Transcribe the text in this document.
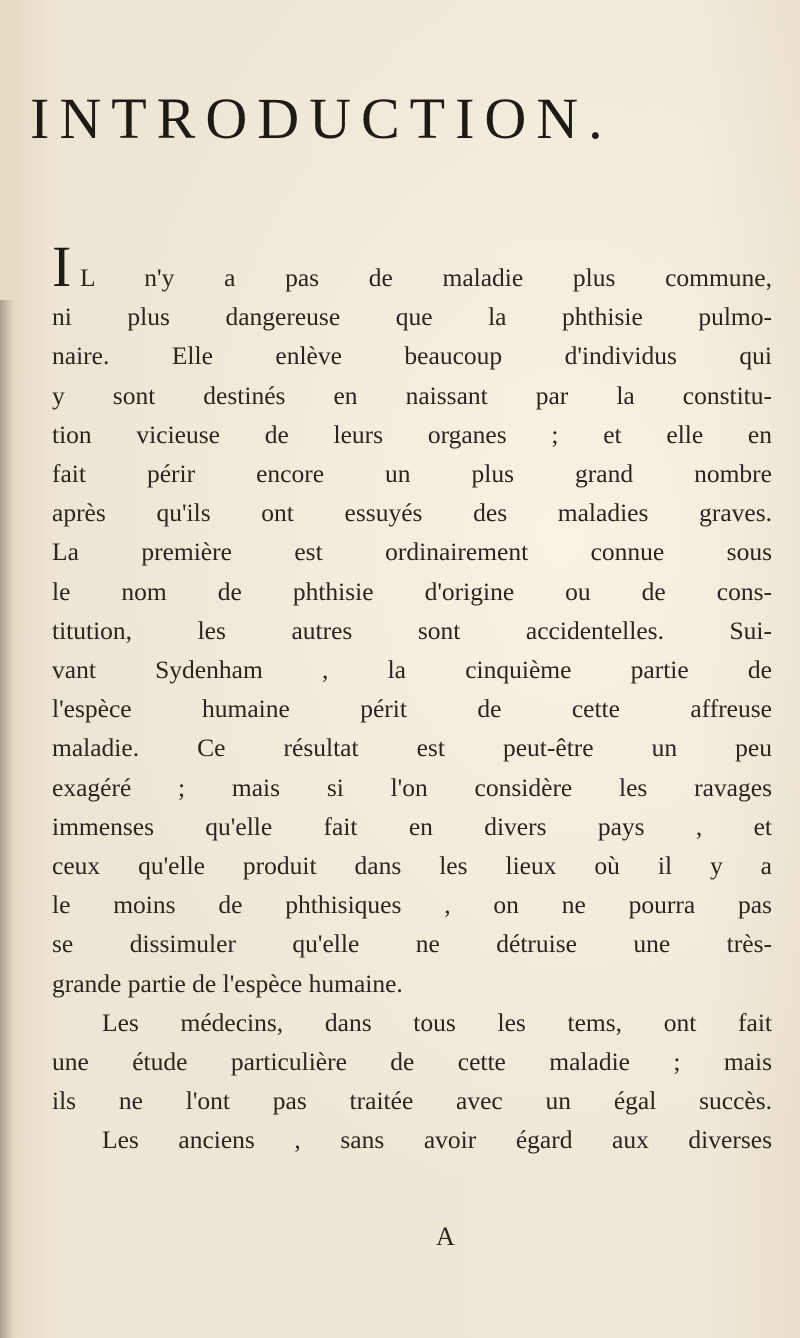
INTRODUCTION.
I L n'y a pas de maladie plus commune,
ni plus dangereuse que la phthisie pulmo-
naire. Elle enlève beaucoup d'individus qui
y sont destinés en naissant par la constitu-
tion vicieuse de leurs organes ; et elle en
fait périr encore un plus grand nombre
après qu'ils ont essuyés des maladies graves.
La première est ordinairement connue sous
le nom de phthisie d'origine ou de cons-
titution, les autres sont accidentelles. Sui-
vant Sydenham , la cinquième partie de
l'espèce humaine périt de cette affreuse
maladie. Ce résultat est peut-être un peu
exagéré ; mais si l'on considère les ravages
immenses qu'elle fait en divers pays , et
ceux qu'elle produit dans les lieux où il y a
le moins de phthisiques , on ne pourra pas
se dissimuler qu'elle ne détruise une très-
grande partie de l'espèce humaine.
Les médecins, dans tous les tems, ont fait
une étude particulière de cette maladie ; mais
ils ne l'ont pas traitée avec un égal succès.
Les anciens , sans avoir égard aux diverses
A
